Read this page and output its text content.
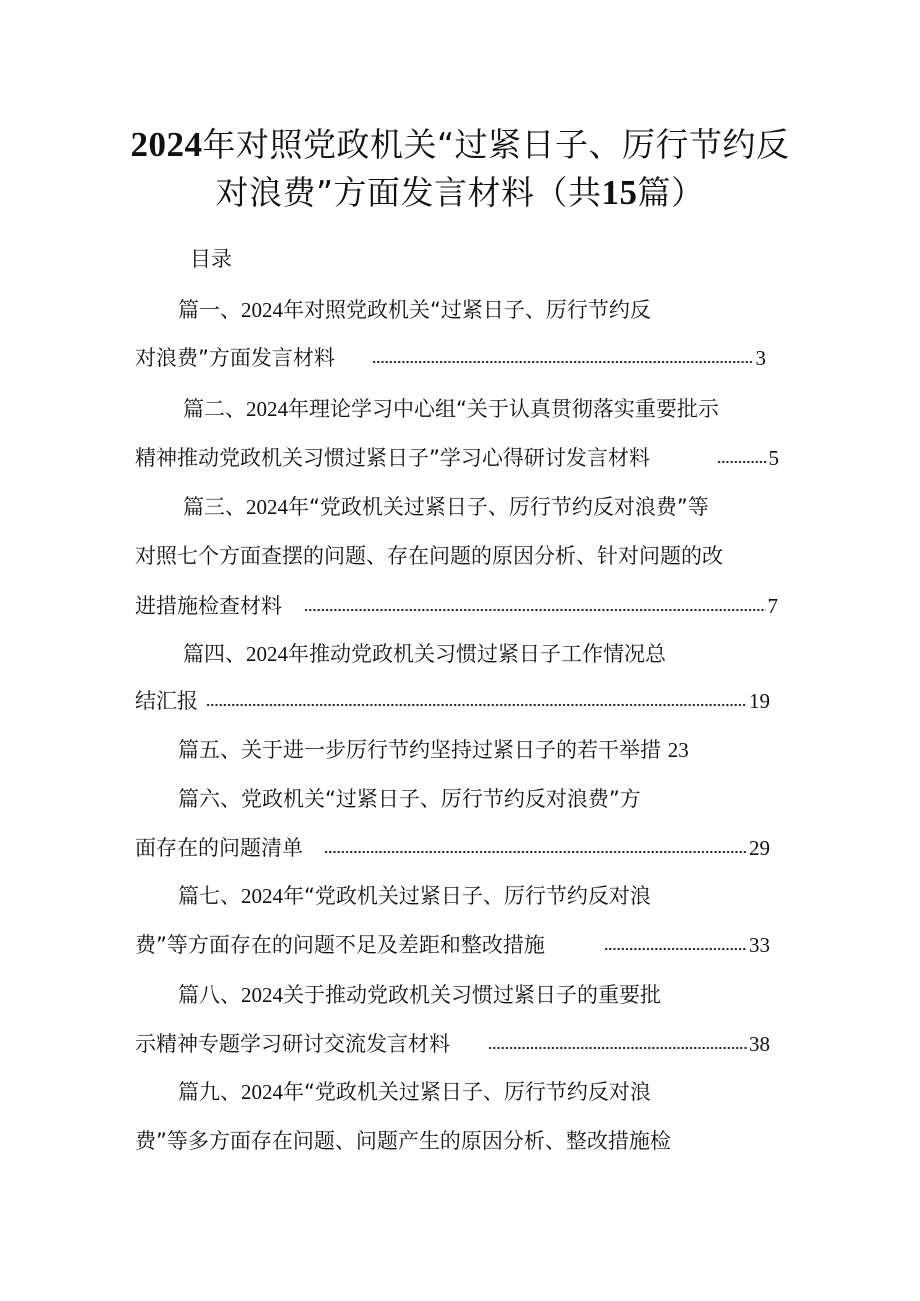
2024年对照党政机关“过紧日子、厉行节约反
对浪费”方面发言材料（共15篇）
目录
篇一、2024年对照党政机关“过紧日子、厉行节约反
对浪费”方面发言材料	3
篇二、2024年理论学习中心组“关于认真贯彻落实重要批示
精神推动党政机关习惯过紧日子”学习心得研讨发言材料	5
篇三、2024年“党政机关过紧日子、厉行节约反对浪费”等
对照七个方面查摆的问题、存在问题的原因分析、针对问题的改
进措施检查材料	7
篇四、2024年推动党政机关习惯过紧日子工作情况总
结汇报	19
篇五、关于进一步厉行节约坚持过紧日子的若干举措 23
篇六、党政机关“过紧日子、厉行节约反对浪费”方
面存在的问题清单	29
篇七、2024年“党政机关过紧日子、厉行节约反对浪
费”等方面存在的问题不足及差距和整改措施	33
篇八、2024关于推动党政机关习惯过紧日子的重要批
示精神专题学习研讨交流发言材料	38
篇九、2024年“党政机关过紧日子、厉行节约反对浪
费”等多方面存在问题、问题产生的原因分析、整改措施检
